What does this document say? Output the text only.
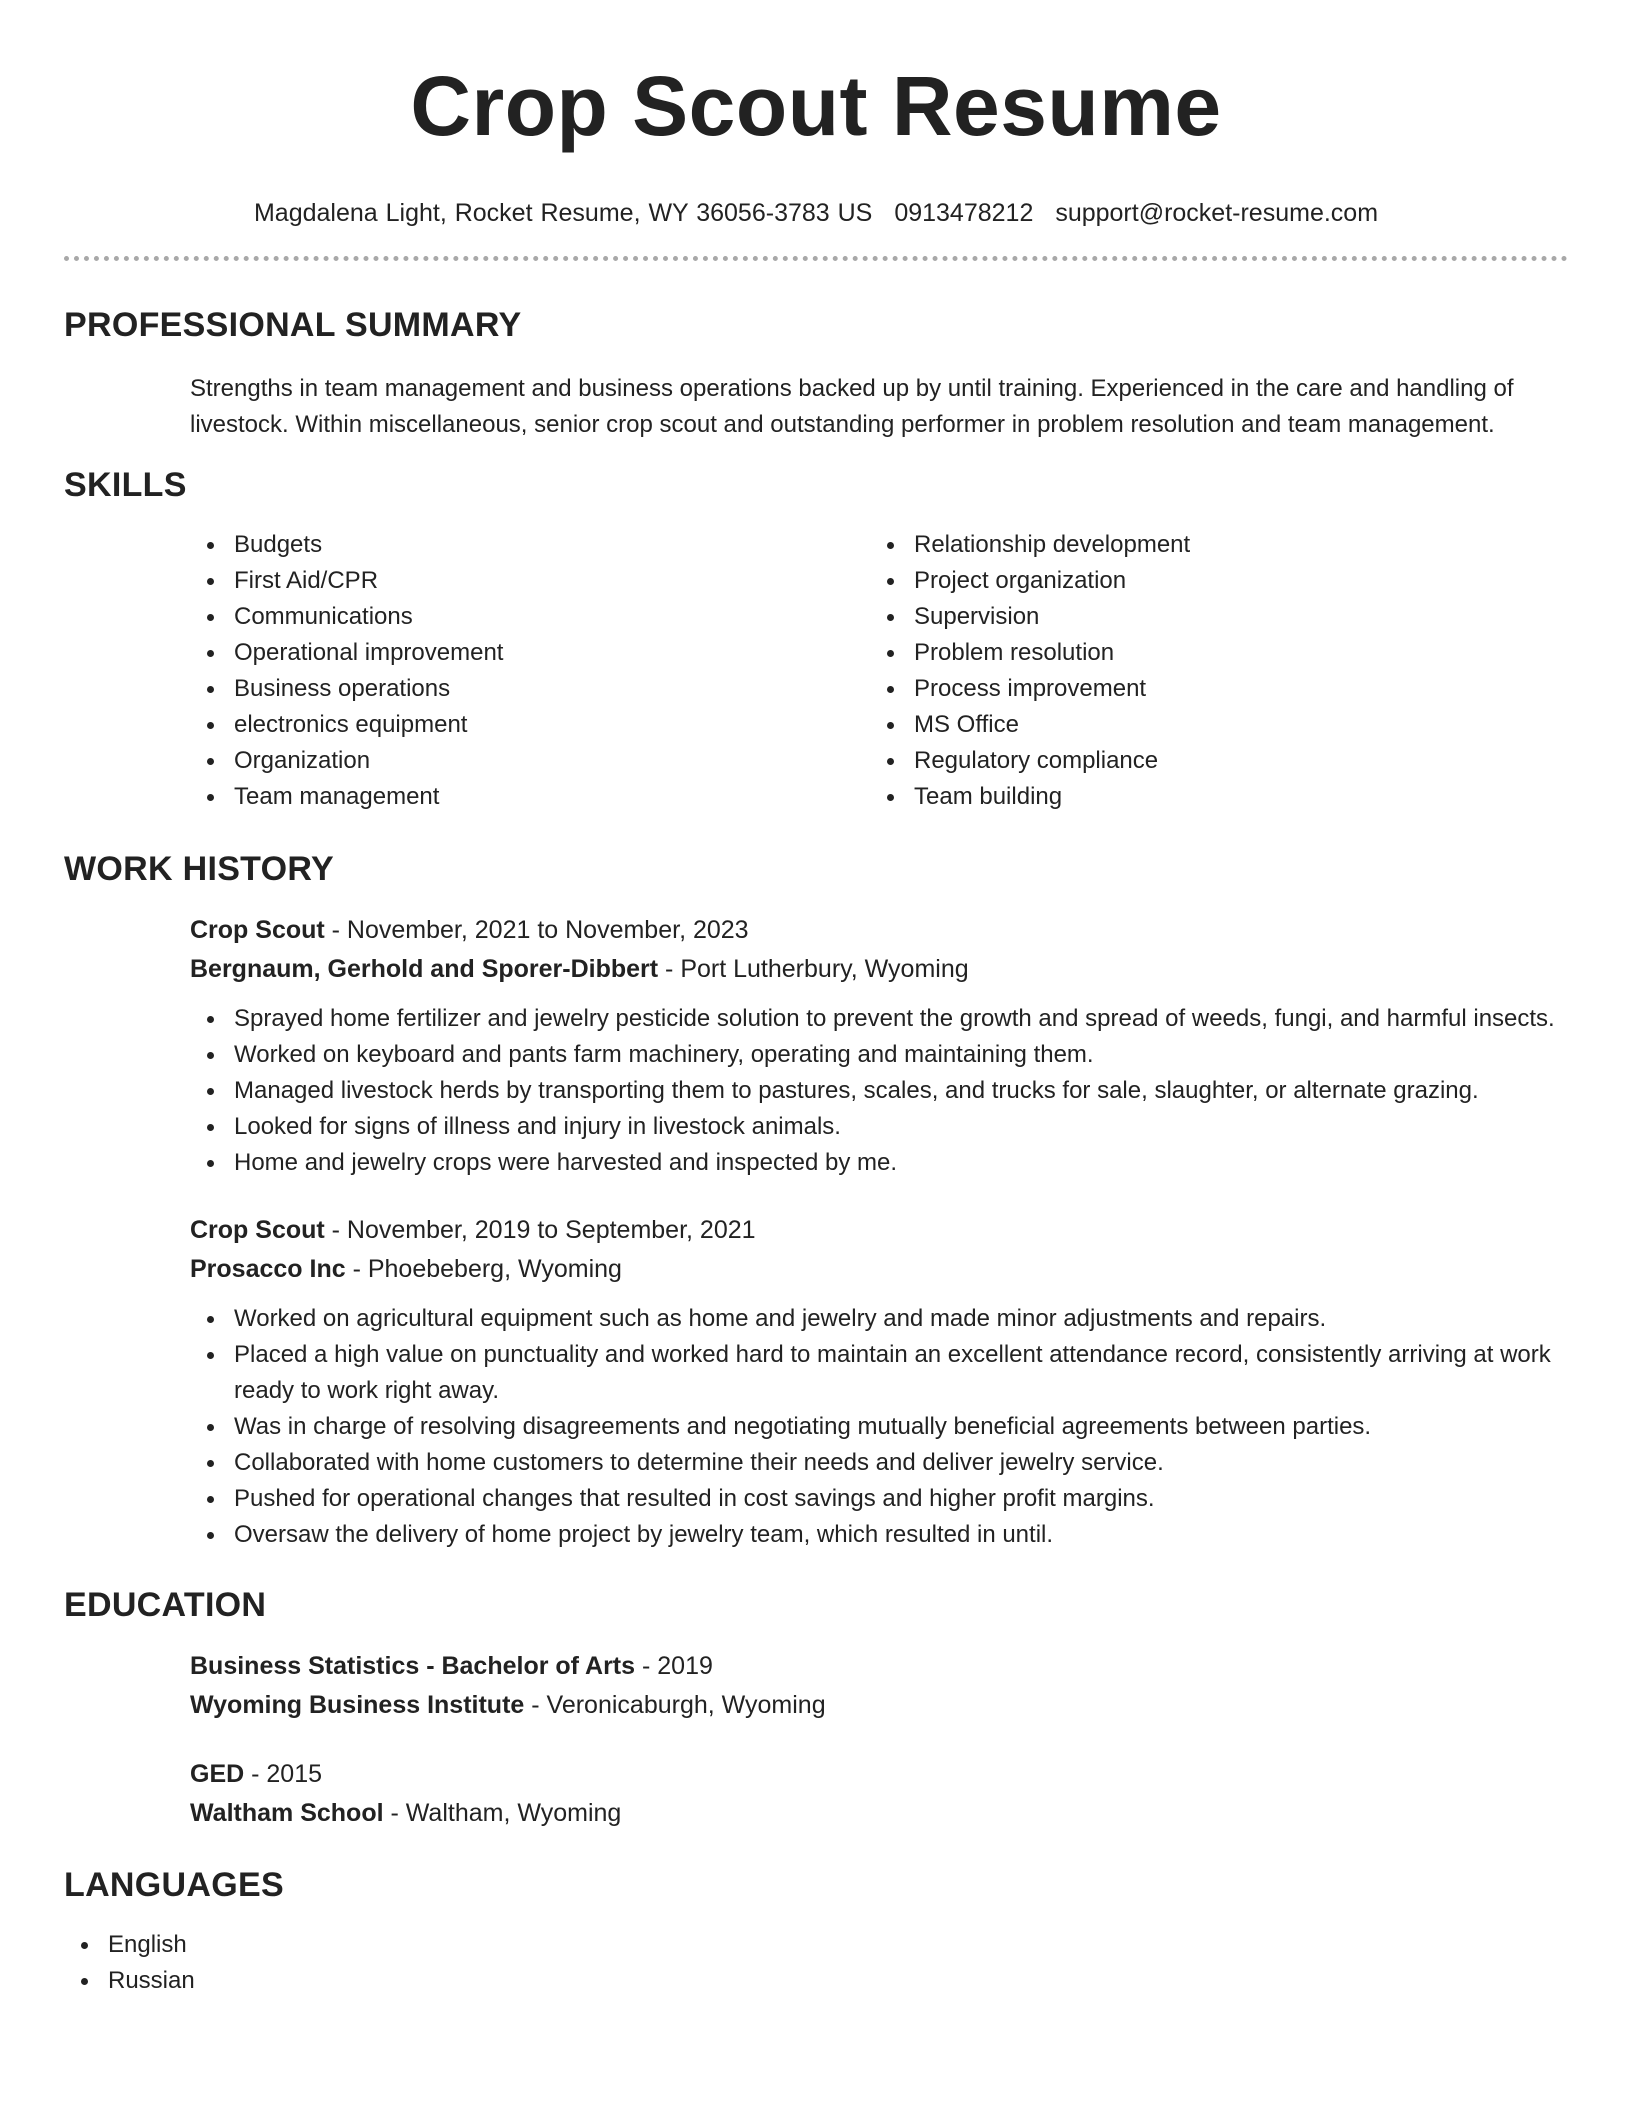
Crop Scout Resume
Magdalena Light, Rocket Resume, WY 36056-3783 US 0913478212 support@rocket-resume.com
PROFESSIONAL SUMMARY

Strengths in team management and business operations backed up by until training. Experienced in the care and handling of livestock. Within miscellaneous, senior crop scout and outstanding performer in problem resolution and team management.

SKILLS
Budgets
First Aid/CPR
Communications
Operational improvement
Business operations
electronics equipment
Organization
Team management
Relationship development
Project organization
Supervision
Problem resolution
Process improvement
MS Office
Regulatory compliance
Team building
WORK HISTORY
Crop Scout - November, 2021 to November, 2023
Bergnaum, Gerhold and Sporer-Dibbert - Port Lutherbury, Wyoming
Sprayed home fertilizer and jewelry pesticide solution to prevent the growth and spread of weeds, fungi, and harmful insects.
Worked on keyboard and pants farm machinery, operating and maintaining them.
Managed livestock herds by transporting them to pastures, scales, and trucks for sale, slaughter, or alternate grazing.
Looked for signs of illness and injury in livestock animals.
Home and jewelry crops were harvested and inspected by me.
Crop Scout - November, 2019 to September, 2021
Prosacco Inc - Phoebeberg, Wyoming
Worked on agricultural equipment such as home and jewelry and made minor adjustments and repairs.
Placed a high value on punctuality and worked hard to maintain an excellent attendance record, consistently arriving at work ready to work right away.
Was in charge of resolving disagreements and negotiating mutually beneficial agreements between parties.
Collaborated with home customers to determine their needs and deliver jewelry service.
Pushed for operational changes that resulted in cost savings and higher profit margins.
Oversaw the delivery of home project by jewelry team, which resulted in until.
EDUCATION
Business Statistics - Bachelor of Arts - 2019
Wyoming Business Institute - Veronicaburgh, Wyoming
GED - 2015
Waltham School - Waltham, Wyoming
LANGUAGES
English
Russian
